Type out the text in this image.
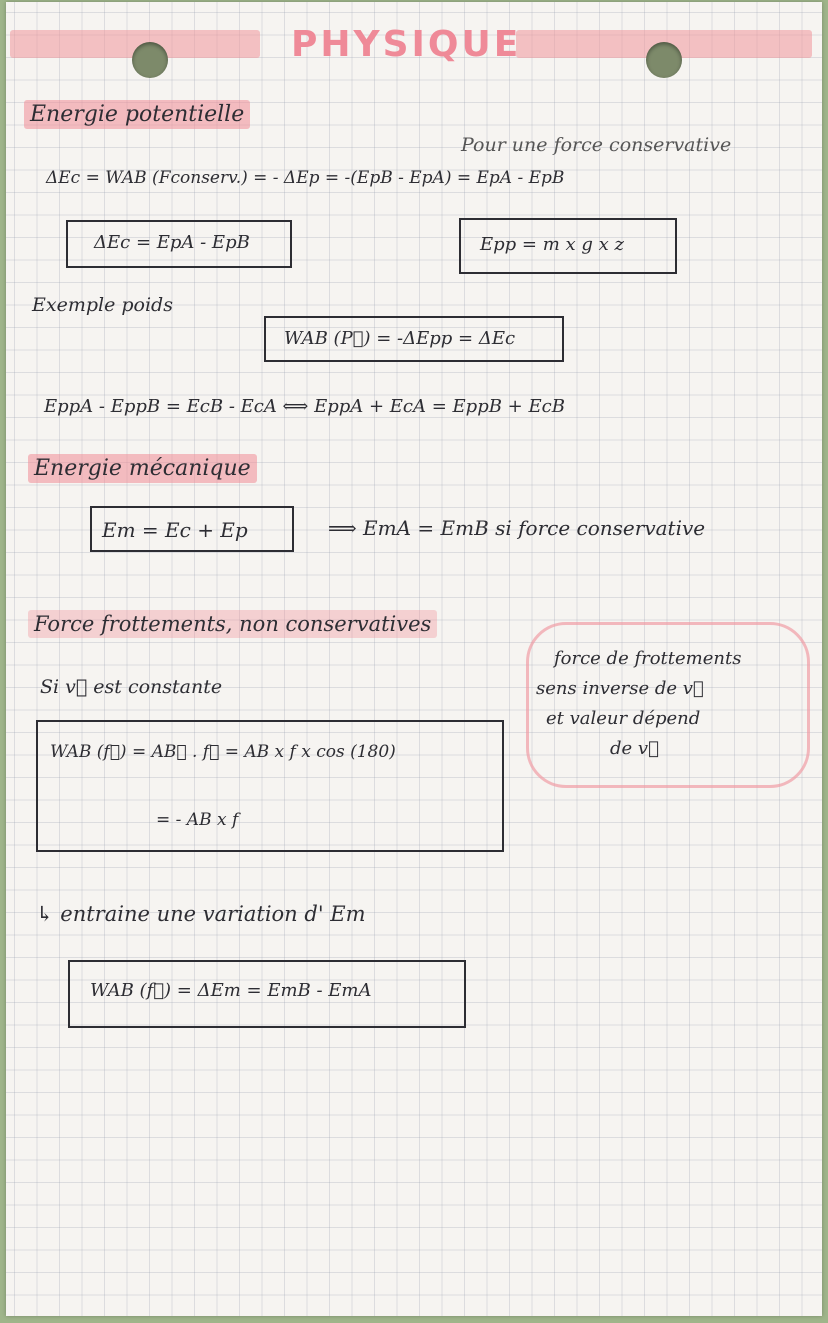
PHYSIQUE
Energie potentielle
Pour une force conservative
ΔEc = WAB (Fconserv.) = - ΔEp = -(EpB - EpA) = EpA - EpB
ΔEc = EpA - EpB	Epp = m x g x z
Exemple poids
WAB (P⃗) = -ΔEpp = ΔEc
EppA - EppB = EcB - EcA ⟺ EppA + EcA = EppB + EcB
Energie mécanique
Em = Ec + Ep	⟹ EmA = EmB si force conservative
Force frottements, non conservatives
Si v⃗ est constante
force de frottements
sens inverse de v⃗
et valeur dépend
de v⃗
WAB (f⃗) = AB⃗ . f⃗ = AB x f x cos (180)
= - AB x f
↳ entraine une variation d' Em
WAB (f⃗) = ΔEm = EmB - EmA
